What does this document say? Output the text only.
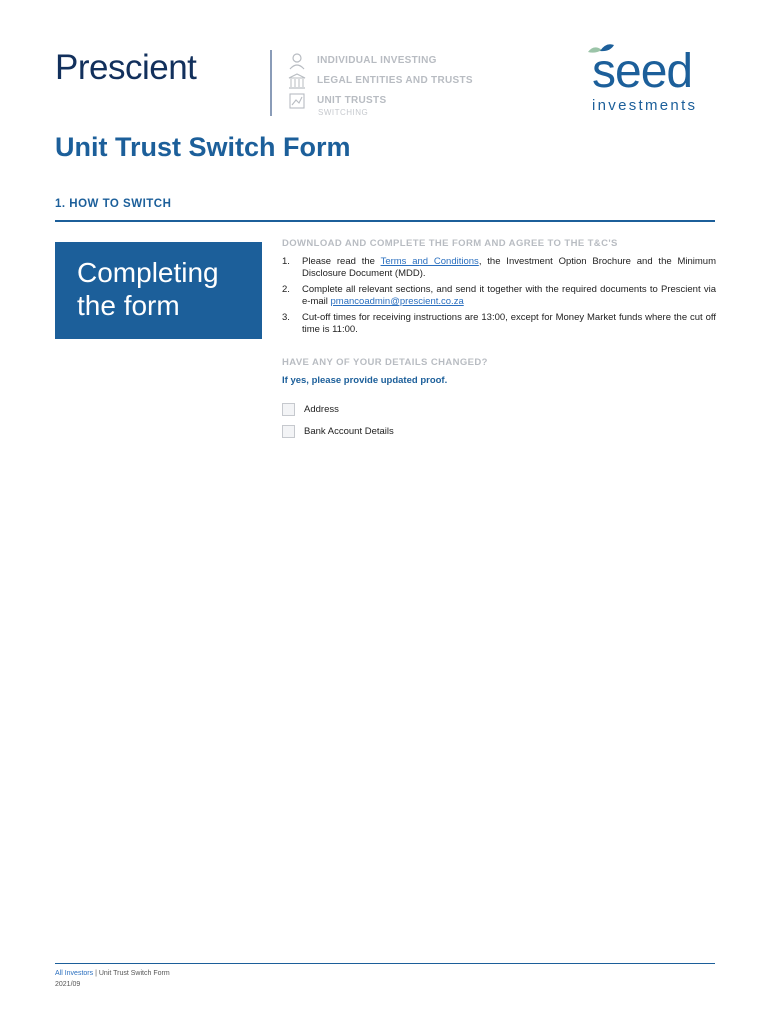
Prescient	INDIVIDUAL INVESTING
LEGAL ENTITIES AND TRUSTS
UNIT TRUSTS
SWITCHING
seed
investments
Unit Trust Switch Form
1. HOW TO SWITCH
Completing
the form
DOWNLOAD AND COMPLETE THE FORM AND AGREE TO THE T&C'S
1.	Please read the Terms and Conditions, the Investment Option Brochure and the Minimum Disclosure Document (MDD).
2.	Complete all relevant sections, and send it together with the required documents to Prescient via e-mail pmancoadmin@prescient.co.za
3.	Cut-off times for receiving instructions are 13:00, except for Money Market funds where the cut off time is 11:00.
HAVE ANY OF YOUR DETAILS CHANGED?
If yes, please provide updated proof.
Address
Bank Account Details
All Investors | Unit Trust Switch Form
2021/09
